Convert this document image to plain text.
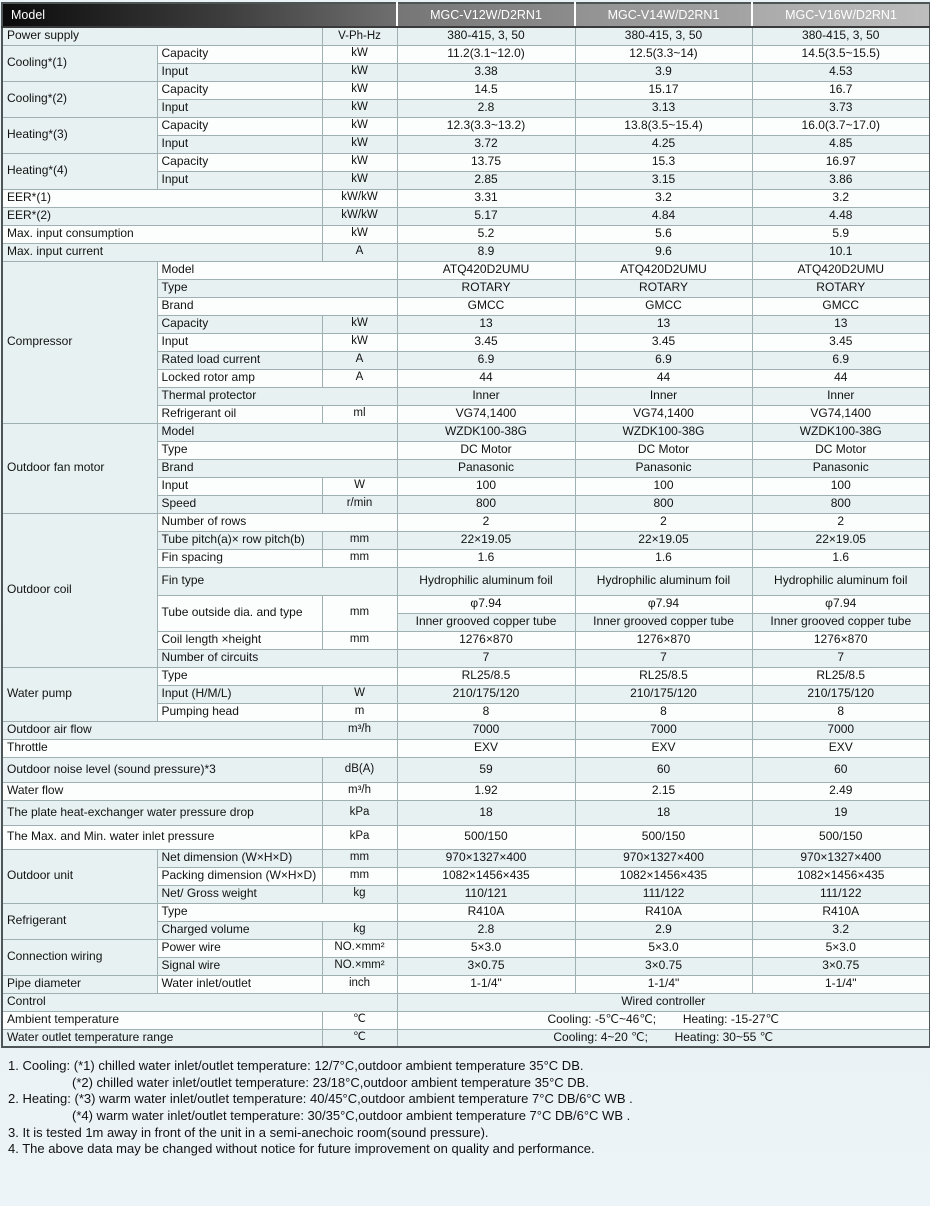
Model			MGC-V12W/D2RN1	MGC-V14W/D2RN1	MGC-V16W/D2RN1
Power supply		V-Ph-Hz	380-415, 3, 50	380-415, 3, 50	380-415, 3, 50
Cooling*(1)	Capacity	kW	11.2(3.1~12.0)	12.5(3.3~14)	14.5(3.5~15.5)
	Input	kW	3.38	3.9	4.53
Cooling*(2)	Capacity	kW	14.5	15.17	16.7
	Input	kW	2.8	3.13	3.73
Heating*(3)	Capacity	kW	12.3(3.3~13.2)	13.8(3.5~15.4)	16.0(3.7~17.0)
	Input	kW	3.72	4.25	4.85
Heating*(4)	Capacity	kW	13.75	15.3	16.97
	Input	kW	2.85	3.15	3.86
EER*(1)		kW/kW	3.31	3.2	3.2
EER*(2)		kW/kW	5.17	4.84	4.48
Max. input consumption		kW	5.2	5.6	5.9
Max. input current		A	8.9	9.6	10.1
Compressor	Model		ATQ420D2UMU	ATQ420D2UMU	ATQ420D2UMU
	Type		ROTARY	ROTARY	ROTARY
	Brand		GMCC	GMCC	GMCC
	Capacity	kW	13	13	13
	Input	kW	3.45	3.45	3.45
	Rated load current	A	6.9	6.9	6.9
	Locked rotor amp	A	44	44	44
	Thermal protector		Inner	Inner	Inner
	Refrigerant oil	ml	VG74,1400	VG74,1400	VG74,1400
Outdoor fan motor	Model		WZDK100-38G	WZDK100-38G	WZDK100-38G
	Type		DC Motor	DC Motor	DC Motor
	Brand		Panasonic	Panasonic	Panasonic
	Input	W	100	100	100
	Speed	r/min	800	800	800
Outdoor coil	Number of rows		2	2	2
	Tube pitch(a)× row pitch(b)	mm	22×19.05	22×19.05	22×19.05
	Fin spacing	mm	1.6	1.6	1.6
	Fin type		Hydrophilic aluminum foil	Hydrophilic aluminum foil	Hydrophilic aluminum foil
	Tube outside dia. and type	mm	φ7.94	φ7.94	φ7.94
			Inner grooved copper tube	Inner grooved copper tube	Inner grooved copper tube
	Coil length ×height	mm	1276×870	1276×870	1276×870
	Number of circuits		7	7	7
Water pump	Type		RL25/8.5	RL25/8.5	RL25/8.5
	Input (H/M/L)	W	210/175/120	210/175/120	210/175/120
	Pumping head	m	8	8	8
Outdoor air flow		m³/h	7000	7000	7000
Throttle			EXV	EXV	EXV
Outdoor noise level (sound pressure)*3		dB(A)	59	60	60
Water flow		m³/h	1.92	2.15	2.49
The plate heat-exchanger water pressure drop		kPa	18	18	19
The Max. and Min. water inlet pressure		kPa	500/150	500/150	500/150
Outdoor unit	Net dimension (W×H×D)	mm	970×1327×400	970×1327×400	970×1327×400
	Packing dimension (W×H×D)	mm	1082×1456×435	1082×1456×435	1082×1456×435
	Net/ Gross weight	kg	110/121	111/122	111/122
Refrigerant	Type		R410A	R410A	R410A
	Charged volume	kg	2.8	2.9	3.2
Connection wiring	Power wire	NO.×mm²	5×3.0	5×3.0	5×3.0
	Signal wire	NO.×mm²	3×0.75	3×0.75	3×0.75
Pipe diameter	Water inlet/outlet	inch	1-1/4"	1-1/4"	1-1/4"
Control			Wired controller		
Ambient temperature		℃	Cooling: -5℃~46℃;        Heating: -15-27℃		
Water outlet temperature range		℃	Cooling: 4~20 ℃;        Heating: 30~55 ℃		
1. Cooling: (*1) chilled water inlet/outlet temperature: 12/7°C,outdoor ambient temperature 35°C DB.
(*2) chilled water inlet/outlet temperature: 23/18°C,outdoor ambient temperature 35°C DB.
2. Heating: (*3) warm water inlet/outlet temperature: 40/45°C,outdoor ambient temperature 7°C DB/6°C WB .
(*4) warm water inlet/outlet temperature: 30/35°C,outdoor ambient temperature 7°C DB/6°C WB .
3. It is tested 1m away in front of the unit in a semi-anechoic room(sound pressure).
4. The above data may be changed without notice for future improvement on quality and performance.
